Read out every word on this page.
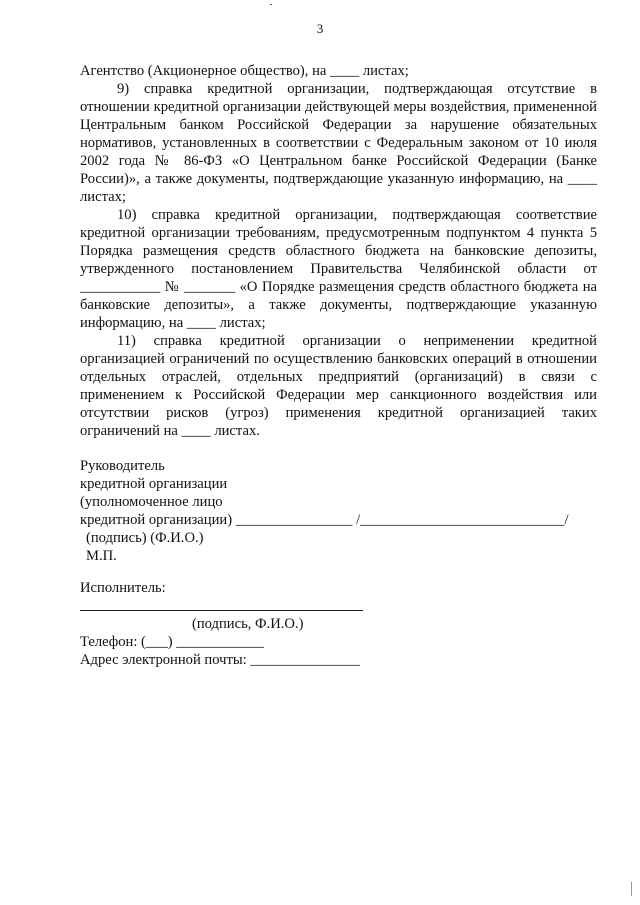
3

Агентство (Акционерное общество), на ____ листах;

9) справка кредитной организации, подтверждающая отсутствие в отношении кредитной организации действующей меры воздействия, примененной Центральным банком Российской Федерации за нарушение обязательных нормативов, установленных в соответствии с Федеральным законом от 10 июля 2002 года № 86-ФЗ «О Центральном банке Российской Федерации (Банке России)», а также документы, подтверждающие указанную информацию, на ____ листах;

10) справка кредитной организации, подтверждающая соответствие кредитной организации требованиям, предусмотренным подпунктом 4 пункта 5 Порядка размещения средств областного бюджета на банковские депозиты, утвержденного постановлением Правительства Челябинской области от ___________ № _______ «О Порядке размещения средств областного бюджета на банковские депозиты», а также документы, подтверждающие указанную информацию, на ____ листах;

11) справка кредитной организации о неприменении кредитной организацией ограничений по осуществлению банковских операций в отношении отдельных отраслей, отдельных предприятий (организаций) в связи с применением к Российской Федерации мер санкционного воздействия или отсутствии рисков (угроз) применения кредитной организацией таких ограничений на ____ листах.

Руководитель

кредитной организации

(уполномоченное лицо

кредитной организации) ________________ /____________________________/

(подпись) (Ф.И.О.)

М.П.

Исполнитель:

(подпись, Ф.И.О.)

Телефон: (___) ____________

Адрес электронной почты: _______________
